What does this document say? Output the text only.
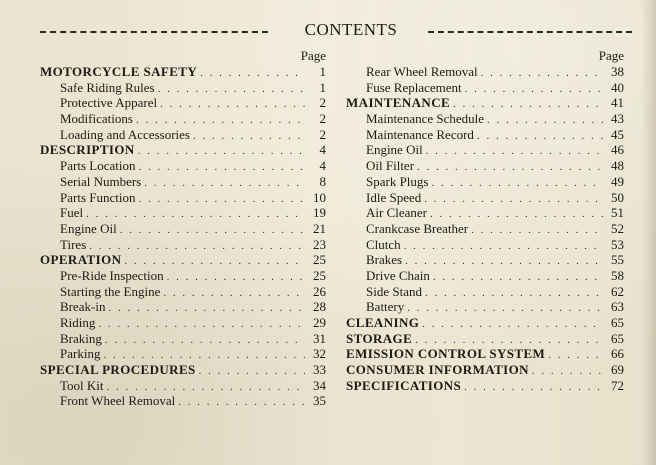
CONTENTS
Page
MOTORCYCLE SAFETY . . .	1
Safe Riding Rules . . .	1
Protective Apparel . . .	2
Modifications . . .	2
Loading and Accessories . . .	2
DESCRIPTION . . .	4
Parts Location . . .	4
Serial Numbers . . .	8
Parts Function . . .	10
Fuel . . .	19
Engine Oil . . .	21
Tires . . .	23
OPERATION . . .	25
Pre-Ride Inspection . . .	25
Starting the Engine . . .	26
Break-in . . .	28
Riding . . .	29
Braking . . .	31
Parking . . .	32
SPECIAL PROCEDURES . . .	33
Tool Kit . . .	34
Front Wheel Removal . . .	35
Page
Rear Wheel Removal . . .	38
Fuse Replacement . . .	40
MAINTENANCE . . .	41
Maintenance Schedule . . .	43
Maintenance Record . . .	45
Engine Oil . . .	46
Oil Filter . . .	48
Spark Plugs . . .	49
Idle Speed . . .	50
Air Cleaner . . .	51
Crankcase Breather . . .	52
Clutch . . .	53
Brakes . . .	55
Drive Chain . . .	58
Side Stand . . .	62
Battery . . .	63
CLEANING . . .	65
STORAGE . . .	65
EMISSION CONTROL SYSTEM . . .	66
CONSUMER INFORMATION . . .	69
SPECIFICATIONS . . .	72
